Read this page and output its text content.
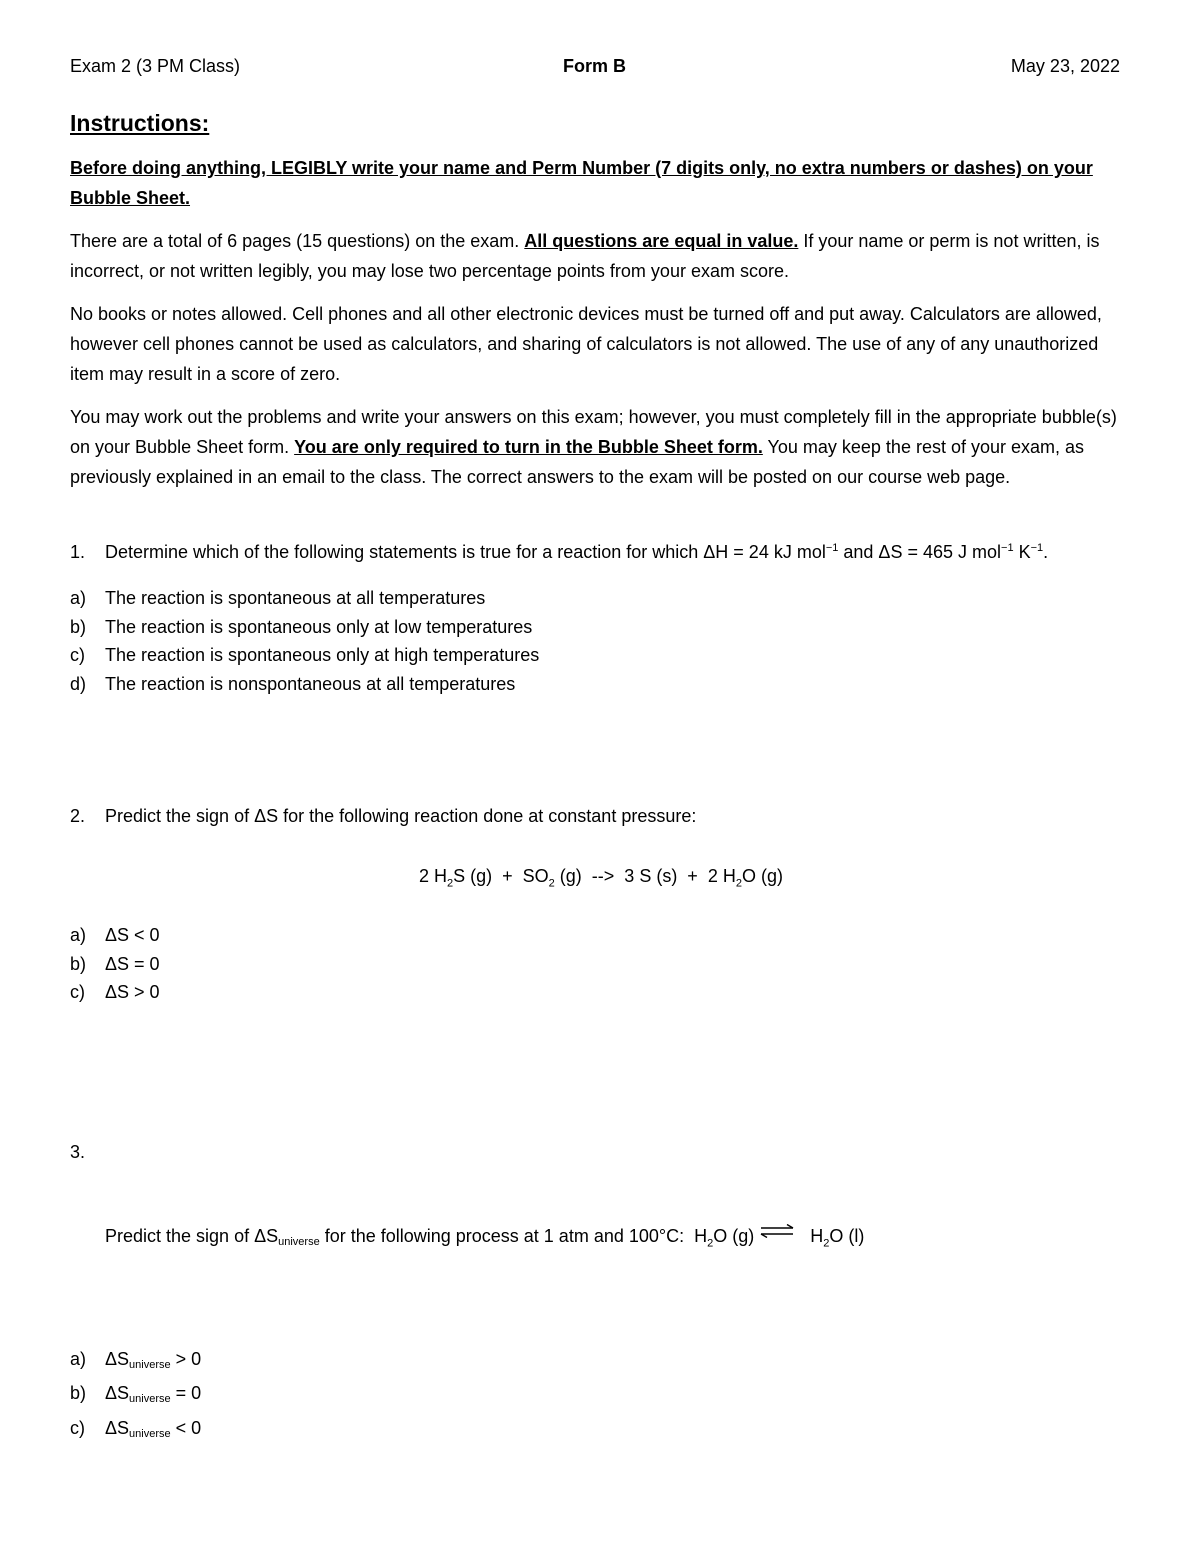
Exam 2 (3 PM Class)	Form B	May 23, 2022
Instructions:
Before doing anything, LEGIBLY write your name and Perm Number (7 digits only, no extra numbers or dashes) on your Bubble Sheet.

There are a total of 6 pages (15 questions) on the exam. All questions are equal in value. If your name or perm is not written, is incorrect, or not written legibly, you may lose two percentage points from your exam score.

No books or notes allowed. Cell phones and all other electronic devices must be turned off and put away. Calculators are allowed, however cell phones cannot be used as calculators, and sharing of calculators is not allowed. The use of any of any unauthorized item may result in a score of zero.

You may work out the problems and write your answers on this exam; however, you must completely fill in the appropriate bubble(s) on your Bubble Sheet form. You are only required to turn in the Bubble Sheet form. You may keep the rest of your exam, as previously explained in an email to the class. The correct answers to the exam will be posted on our course web page.

1.	Determine which of the following statements is true for a reaction for which ΔH = 24 kJ mol$^{-1}$ and ΔS = 465 J mol$^{-1}$ $K^{-1}$.
a) The reaction is spontaneous at all temperatures
b) The reaction is spontaneous only at low temperatures
c) The reaction is spontaneous only at high temperatures
d) The reaction is nonspontaneous at all temperatures
2.	Predict the sign of ΔS for the following reaction done at constant pressure:
2 $H_2S$ $(g) + SO_2$ (g)  -->  3 S (s)  +  2 $H_2O$ (g)
a) ΔS < 0
b) ΔS = 0
c) ΔS > 0

3.

Predict the sign of ΔSuniverse for the following process at 1 atm and 100°C:  $H_2O$ (g) ⇌ $H_2O$ (l)

a) ΔSuniverse > 0
b) ΔSuniverse = 0
c) ΔSuniverse < 0
